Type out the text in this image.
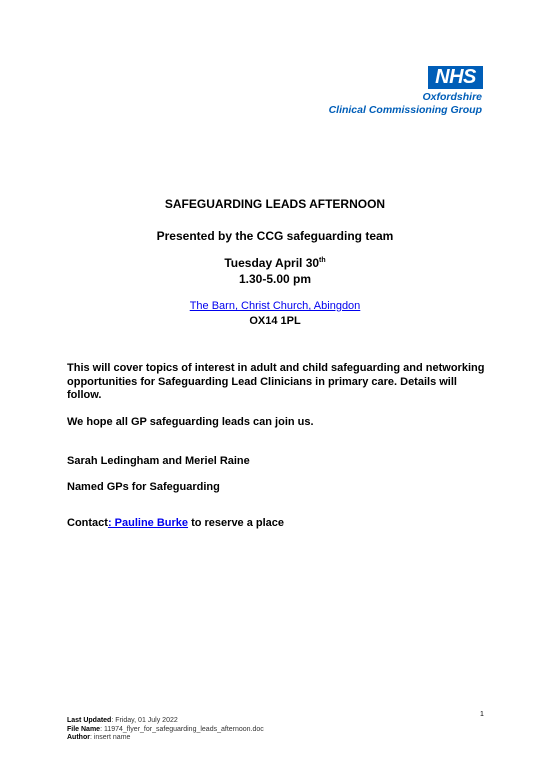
NHS
Oxfordshire
Clinical Commissioning Group
SAFEGUARDING LEADS AFTERNOON
Presented by the CCG safeguarding team
Tuesday April 30th
1.30-5.00 pm
The Barn, Christ Church, Abingdon
OX14 1PL
This will cover topics of interest in adult and child safeguarding and networking opportunities for Safeguarding Lead Clinicians in primary care. Details will follow.
We hope all GP safeguarding leads can join us.
Sarah Ledingham and Meriel Raine
Named GPs for Safeguarding
Contact: Pauline Burke to reserve a place
1
Last Updated: Friday, 01 July 2022
File Name: 11974_flyer_for_safeguarding_leads_afternoon.doc
Author: insert name
